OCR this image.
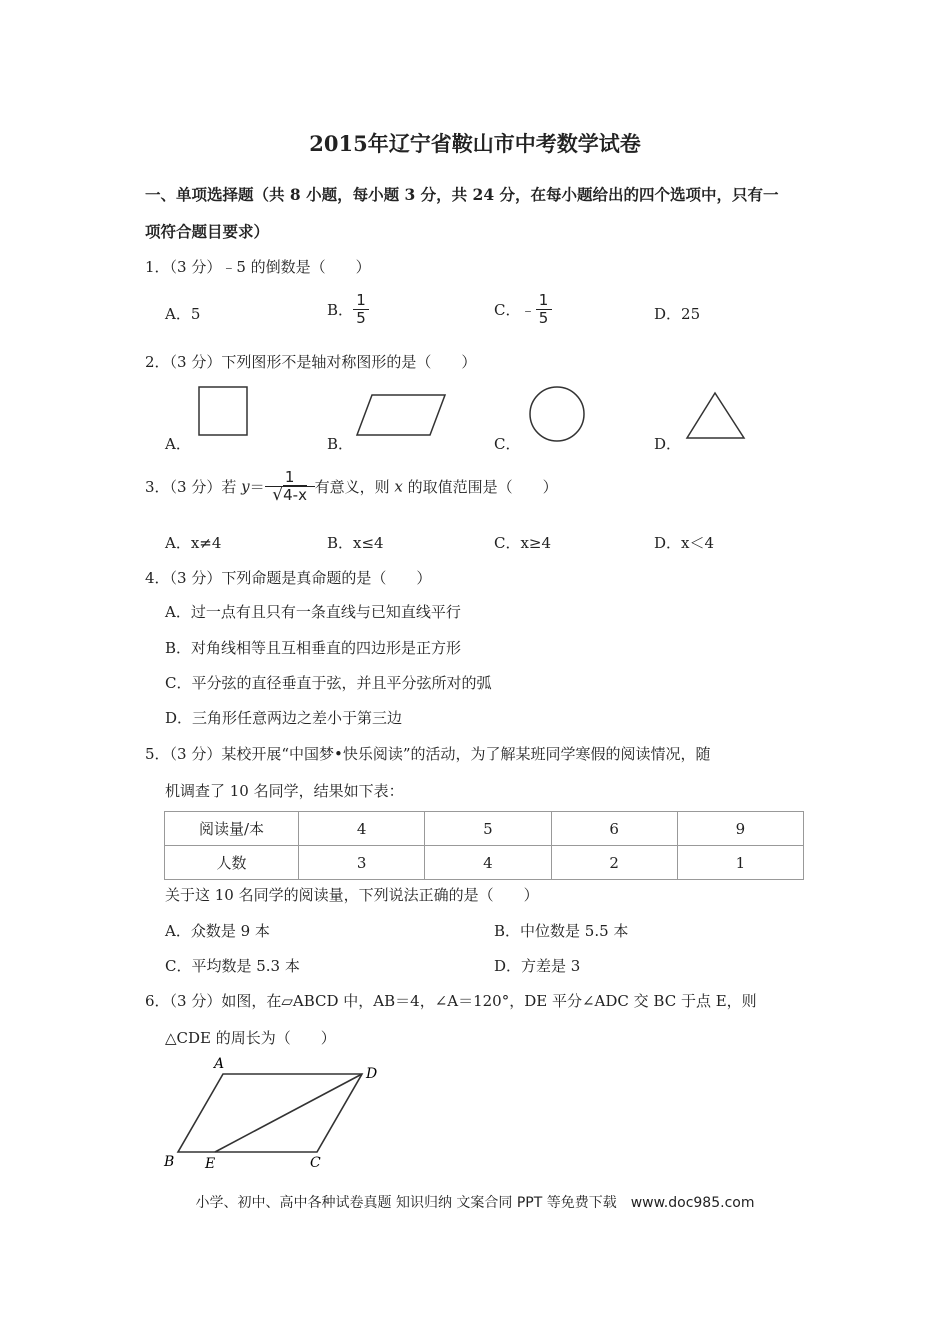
2015年辽宁省鞍山市中考数学试卷
一、单项选择题（共 8 小题，每小题 3 分，共 24 分，在每小题给出的四个选项中，只有一
项符合题目要求）
1．（3 分）﹣5 的倒数是（　　）
A．5	B． $\frac{1}{5}$	C．﹣ $\frac{1}{5}$	D．25
2．（3 分）下列图形不是轴对称图形的是（　　）
A．	B．	C．	D．
3．（3 分）若 $y= \frac{1}{√4-x}$ 有意义，则 x 的取值范围是（　　）
A．x≠4	B．x≤4	C．x≥4	D．x＜4
4．（3 分）下列命题是真命题的是（　　）
A．过一点有且只有一条直线与已知直线平行
B．对角线相等且互相垂直的四边形是正方形
C．平分弦的直径垂直于弦，并且平分弦所对的弧
D．三角形任意两边之差小于第三边
5．（3 分）某校开展“中国梦•快乐阅读”的活动，为了解某班同学寒假的阅读情况，随
机调查了 10 名同学，结果如下表：
阅读量/本	4	5	6	9
人数	3	4	2	1
关于这 10 名同学的阅读量，下列说法正确的是（　　）
A．众数是 9 本	B．中位数是 5.5 本
C．平均数是 5.3 本	D．方差是 3
6．（3 分）如图，在▱ABCD 中，AB＝4，∠A＝120°，DE 平分∠ADC 交 BC 于点 E，则
△CDE 的周长为（　　）
A
D
B E	C
小学、初中、高中各种试卷真题 知识归纳 文案合同 PPT 等免费下载　www.doc985.com
